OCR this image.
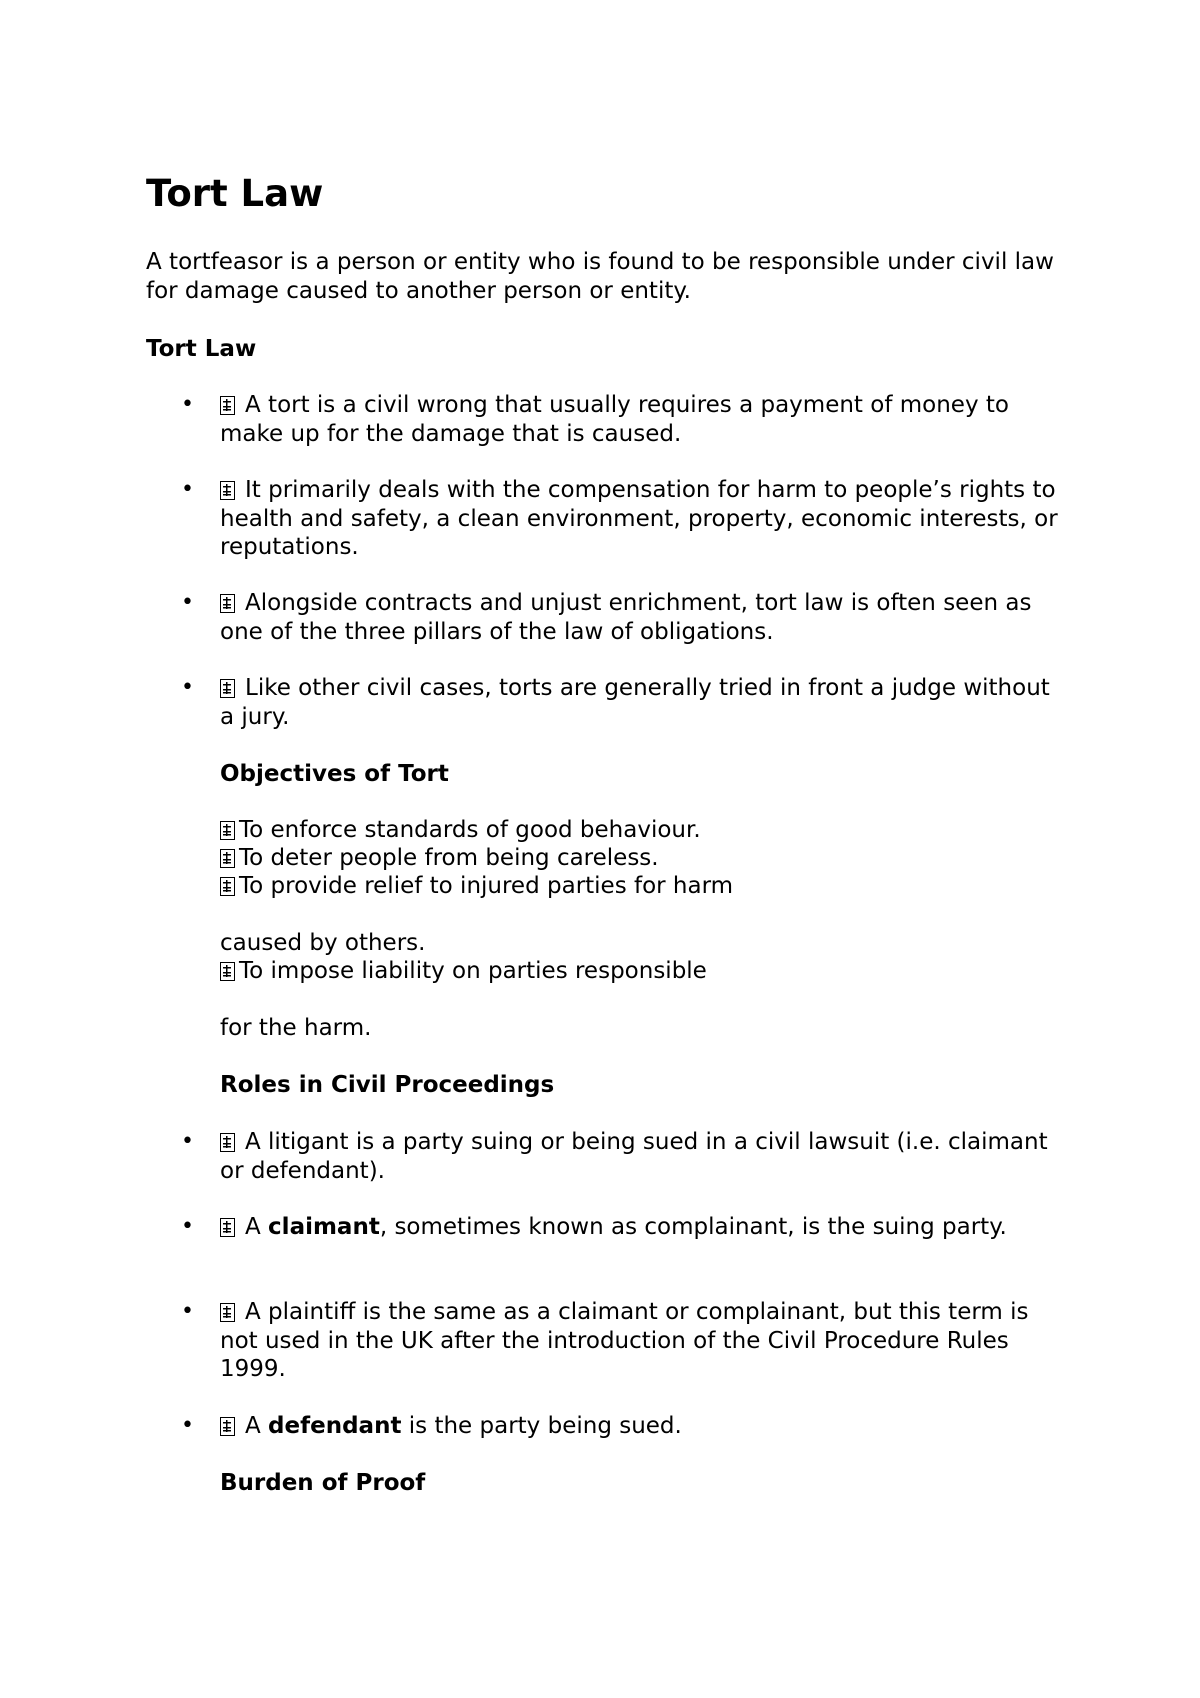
Tort Law

A tortfeasor is a person or entity who is found to be responsible under civil law for damage caused to another person or entity.

Tort Law

•	A tort is a civil wrong that usually requires a payment of money to make up for the damage that is caused.

•	It primarily deals with the compensation for harm to people’s rights to health and safety, a clean environment, property, economic interests, or reputations.

•	Alongside contracts and unjust enrichment, tort law is often seen as one of the three pillars of the law of obligations.

•	Like other civil cases, torts are generally tried in front a judge without a jury.

Objectives of Tort

To enforce standards of good behaviour.

To deter people from being careless.

To provide relief to injured parties for harm

caused by others.

To impose liability on parties responsible

for the harm.

Roles in Civil Proceedings

•	A litigant is a party suing or being sued in a civil lawsuit (i.e. claimant or defendant).

•	A claimant, sometimes known as complainant, is the suing party.

•	A plaintiff is the same as a claimant or complainant, but this term is not used in the UK after the introduction of the Civil Procedure Rules 1999.

•	A defendant is the party being sued.

Burden of Proof
